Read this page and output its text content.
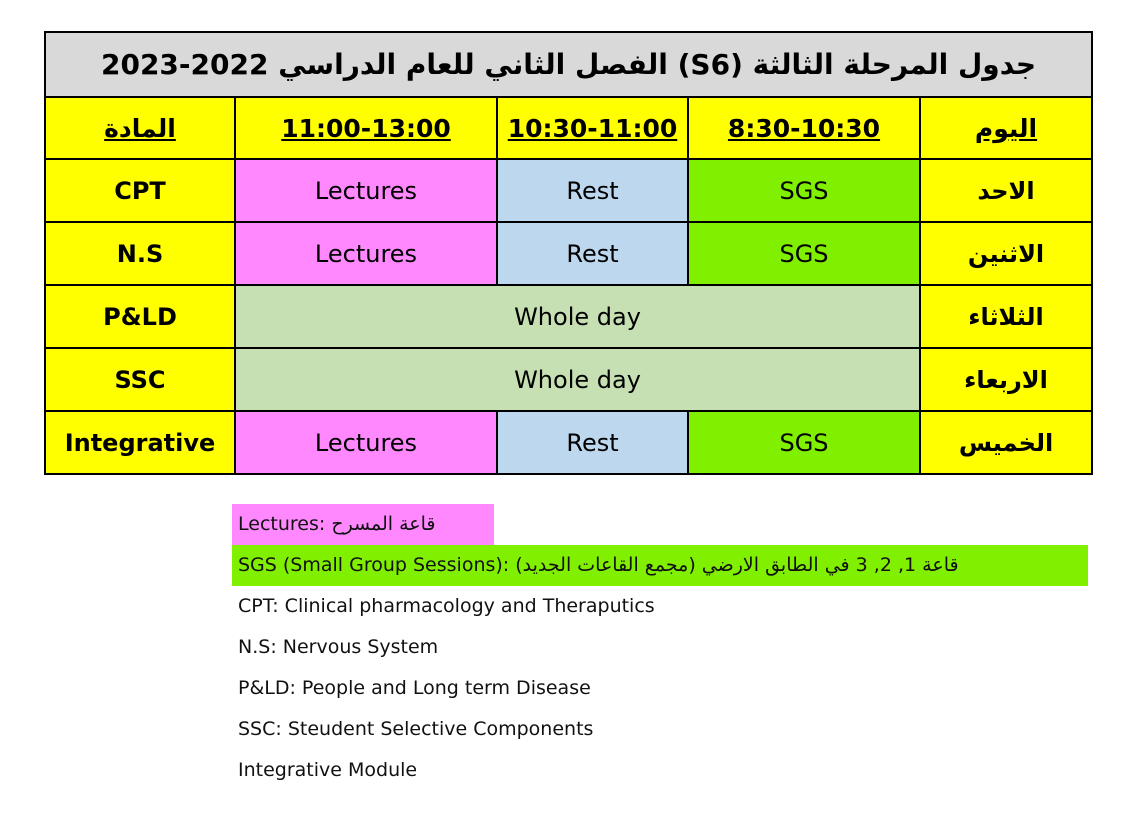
جدول المرحلة الثالثة (S6) الفصل الثاني للعام الدراسي 2022-2023				
المادة	11:00-13:00	10:30-11:00	8:30-10:30	اليوم
CPT	Lectures	Rest	SGS	الاحد
N.S	Lectures	Rest	SGS	الاثنين
P&LD	Whole day			الثلاثاء
SSC	Whole day			الاربعاء
Integrative	Lectures	Rest	SGS	الخميس
Lectures: قاعة المسرح
SGS (Small Group Sessions): قاعة 1, 2, 3 في الطابق الارضي (مجمع القاعات الجديد)
CPT: Clinical pharmacology and Theraputics
N.S: Nervous System
P&LD: People and Long term Disease
SSC: Steudent Selective Components
Integrative Module
